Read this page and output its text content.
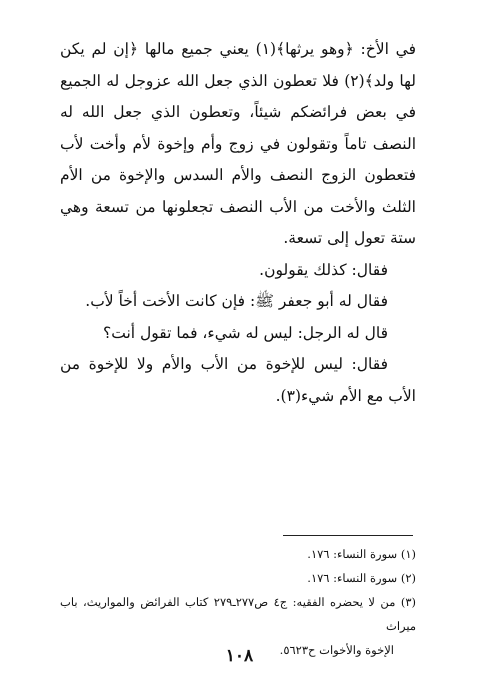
في الأخ: ﴿وهو يرثها﴾(١) يعني جميع مالها ﴿إن لم يكن لها ولد﴾(٢) فلا تعطون الذي جعل الله عزوجل له الجميع في بعض فرائضكم شيئاً، وتعطون الذي جعل الله له النصف تاماً وتقولون في زوج وأم وإخوة لأم وأخت لأب فتعطون الزوج النصف والأم السدس والإخوة من الأم الثلث والأخت من الأب النصف تجعلونها من تسعة وهي ستة تعول إلى تسعة.

فقال: كذلك يقولون.

فقال له أبو جعفر ﷺ: فإن كانت الأخت أخاً لأب.

قال له الرجل: ليس له شيء، فما تقول أنت؟

فقال: ليس للإخوة من الأب والأم ولا للإخوة من الأب مع الأم شيء(٣).

(١) سورة النساء: ١٧٦.

(٢) سورة النساء: ١٧٦.

(٣) من لا يحضره الفقيه: ج٤ ص٢٧٧ـ٢٧٩ كتاب الفرائض والمواريث، باب ميراث

الإخوة والأخوات ح٥٦٢٣.

١٠٨
